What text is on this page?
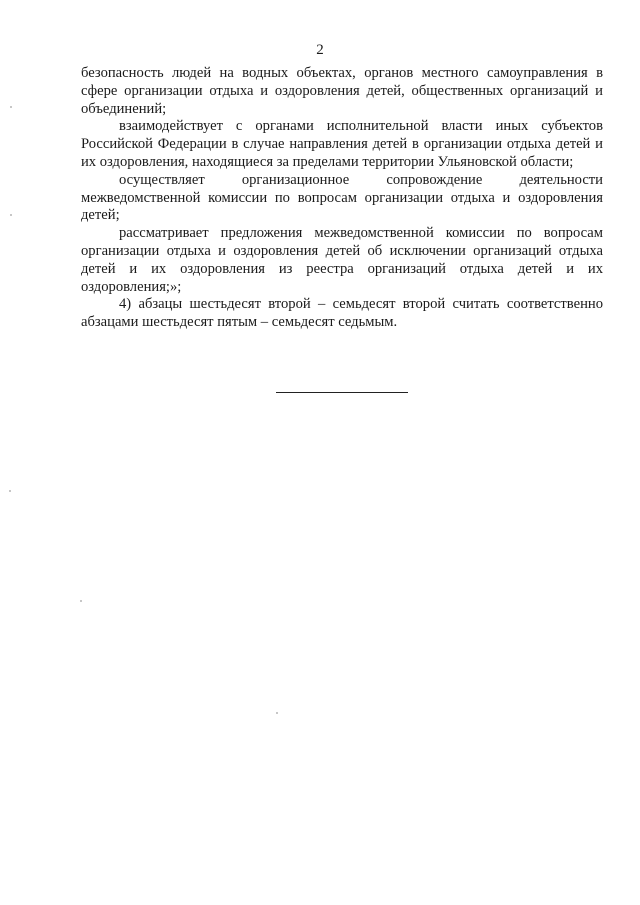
2

безопасность людей на водных объектах, органов местного самоуправления в сфере организации отдыха и оздоровления детей, общественных организаций и объединений;

взаимодействует с органами исполнительной власти иных субъектов Российской Федерации в случае направления детей в организации отдыха детей и их оздоровления, находящиеся за пределами территории Ульяновской области;

осуществляет организационное сопровождение деятельности межведомственной комиссии по вопросам организации отдыха и оздоровления детей;

рассматривает предложения межведомственной комиссии по вопросам организации отдыха и оздоровления детей об исключении организаций отдыха детей и их оздоровления из реестра организаций отдыха детей и их оздоровления;»;

4) абзацы шестьдесят второй – семьдесят второй считать соответственно абзацами шестьдесят пятым – семьдесят седьмым.
